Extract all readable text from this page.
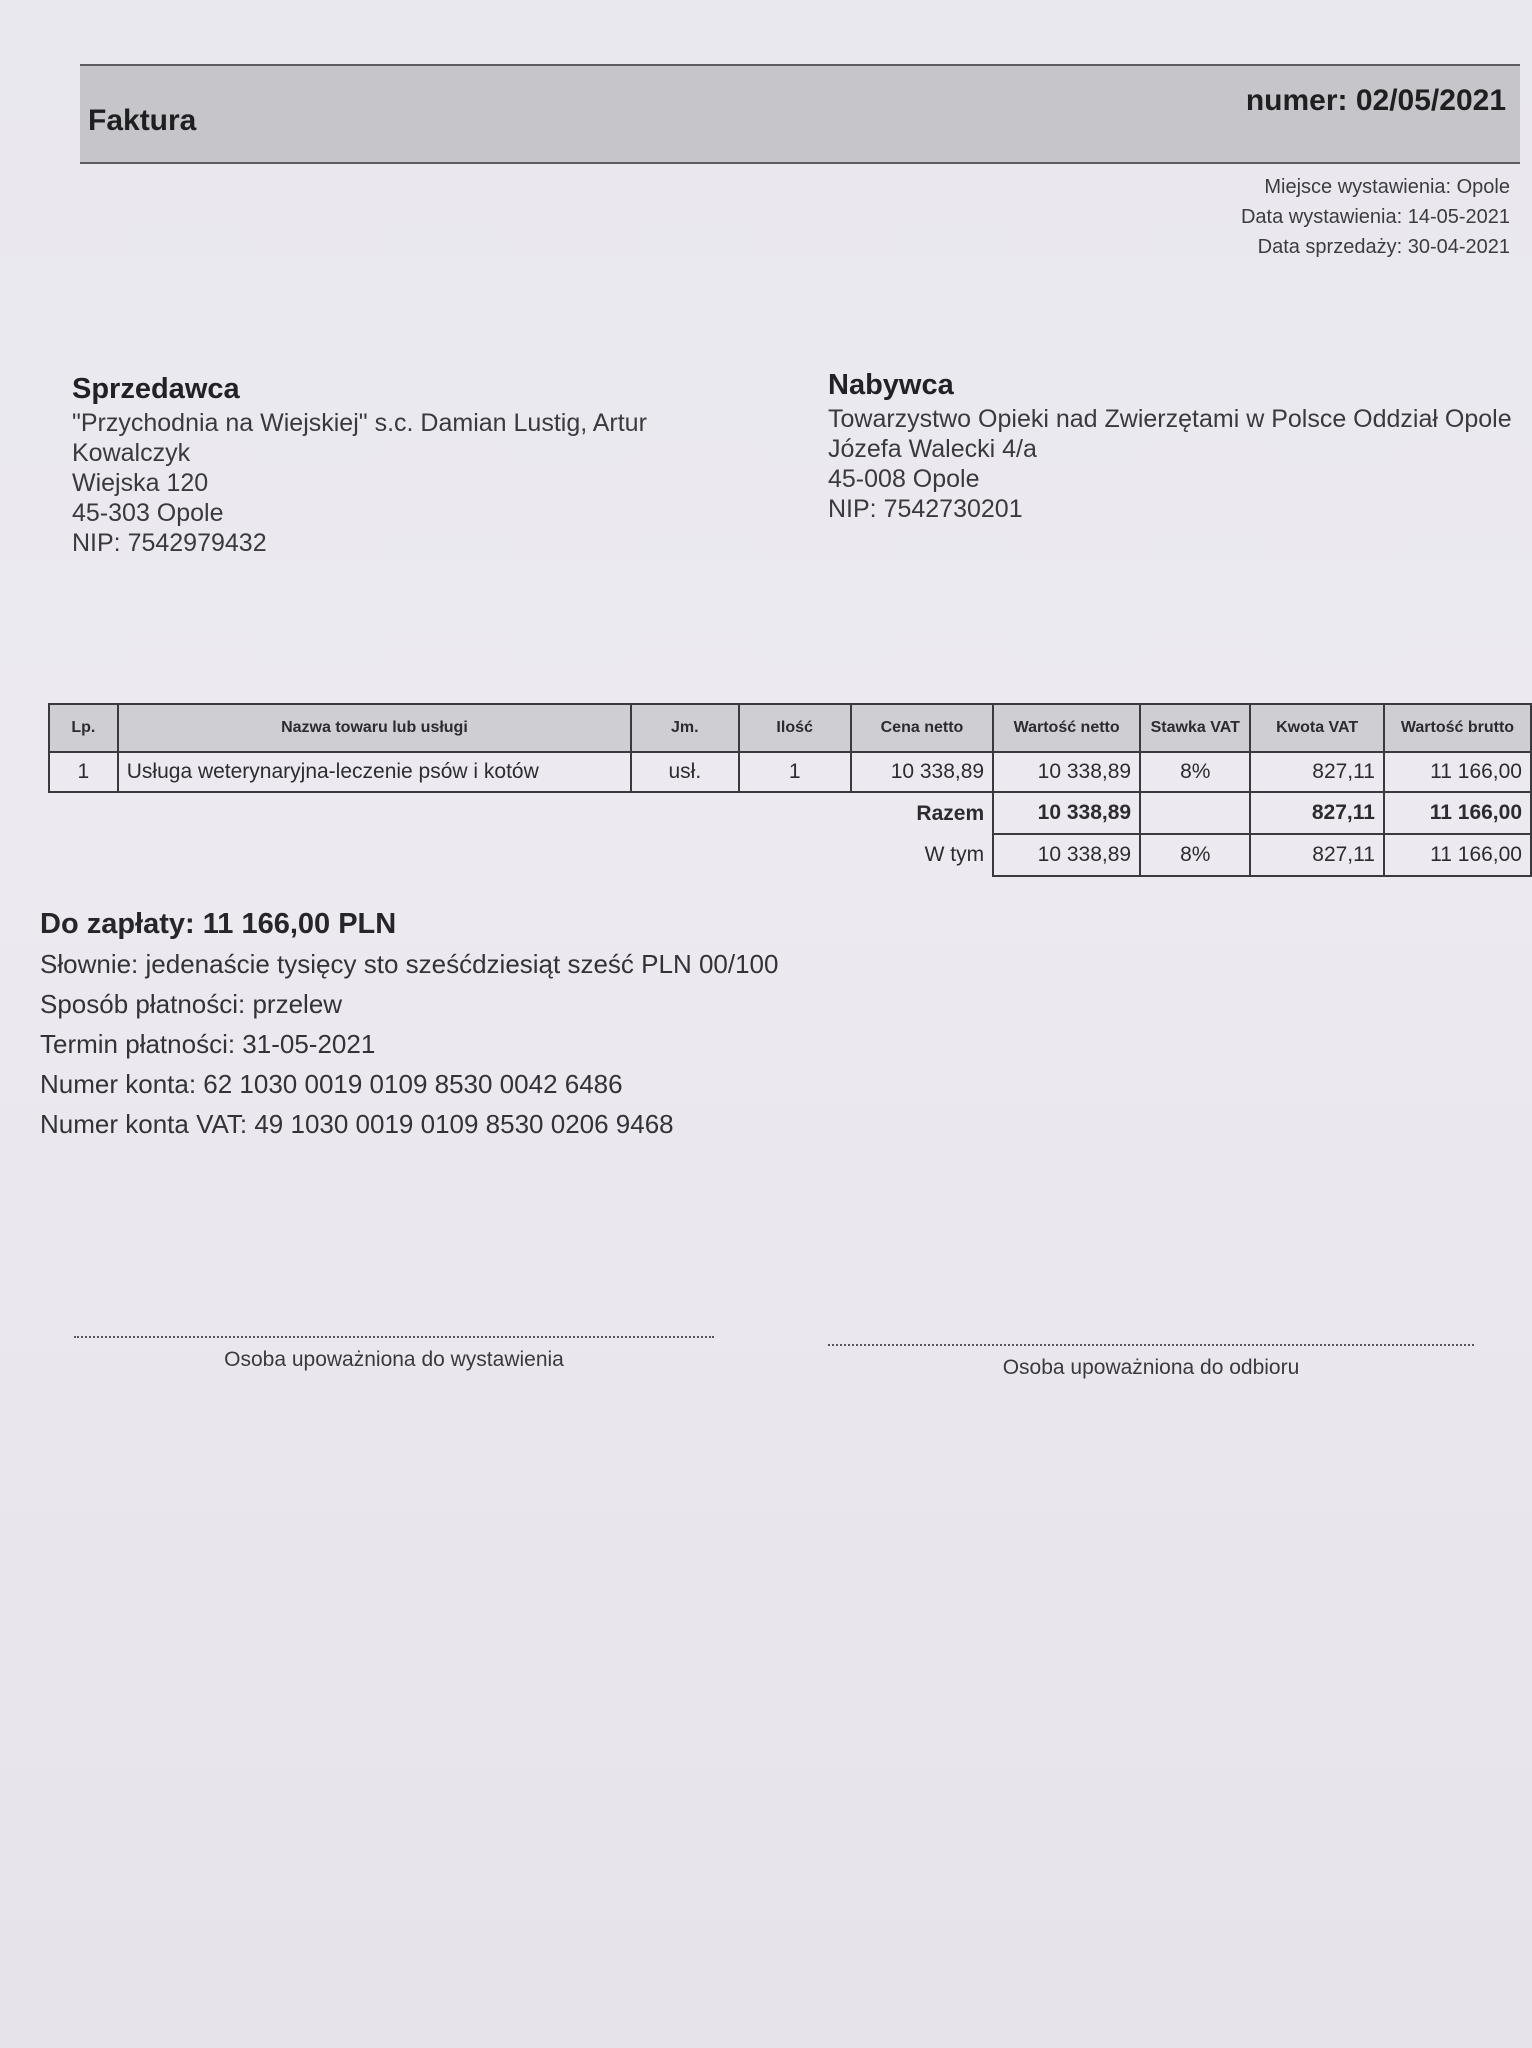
Faktura
numer: 02/05/2021
Miejsce wystawienia: Opole
Data wystawienia: 14-05-2021
Data sprzedaży: 30-04-2021
Sprzedawca
"Przychodnia na Wiejskiej" s.c. Damian Lustig, Artur Kowalczyk
Wiejska 120
45-303 Opole
NIP: 7542979432
Nabywca
Towarzystwo Opieki nad Zwierzętami w Polsce Oddział Opole
Józefa Walecki 4/a
45-008 Opole
NIP: 7542730201
Lp.	Nazwa towaru lub usługi	Jm.	Ilość	Cena netto	Wartość netto	Stawka VAT	Kwota VAT	Wartość brutto
1	Usługa weterynaryjna-leczenie psów i kotów	usł.	1	10 338,89	10 338,89	8%	827,11	11 166,00
				Razem	10 338,89		827,11	11 166,00
				W tym	10 338,89	8%	827,11	11 166,00
Do zapłaty: 11 166,00 PLN
Słownie: jedenaście tysięcy sto sześćdziesiąt sześć PLN 00/100
Sposób płatności: przelew
Termin płatności: 31-05-2021
Numer konta: 62 1030 0019 0109 8530 0042 6486
Numer konta VAT: 49 1030 0019 0109 8530 0206 9468
Osoba upoważniona do wystawienia	Osoba upoważniona do odbioru
